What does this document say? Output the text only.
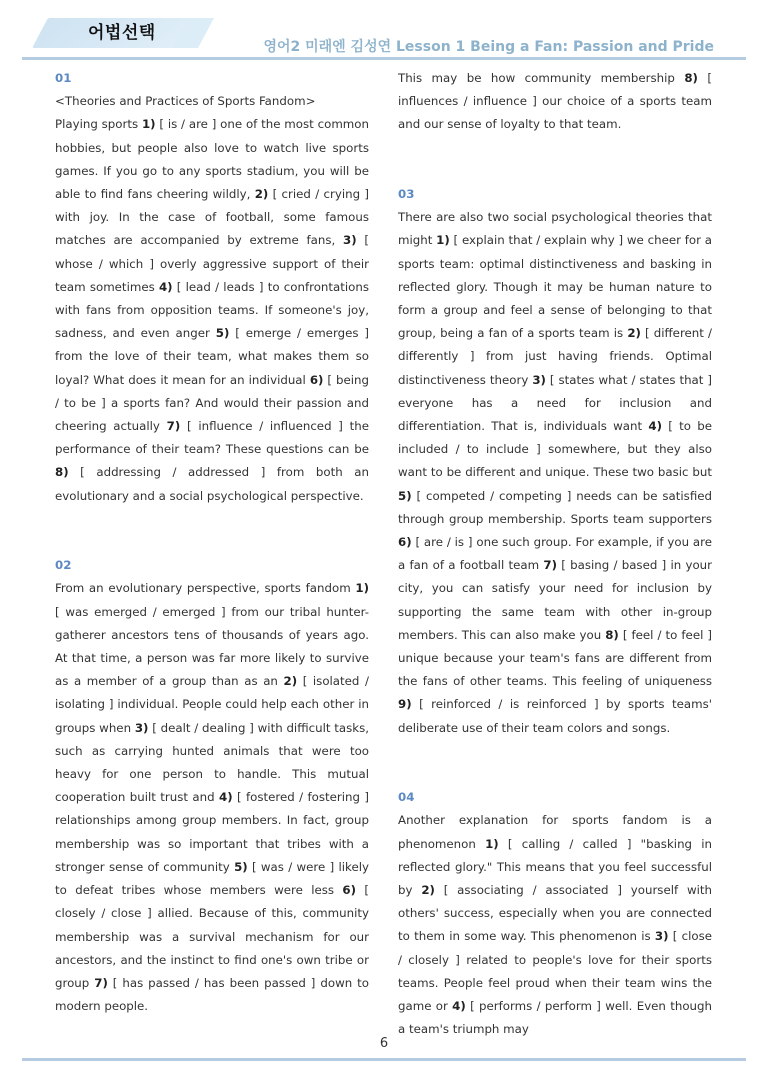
어법선택
영어2 미래엔 김성연 Lesson 1 Being a Fan: Passion and Pride
01
<Theories and Practices of Sports Fandom>
Playing sports 1) [ is / are ] one of the most common hobbies, but people also love to watch live sports games. If you go to any sports stadium, you will be able to find fans cheering wildly, 2) [ cried / crying ] with joy. In the case of football, some famous matches are accompanied by extreme fans, 3) [ whose / which ] overly aggressive support of their team sometimes 4) [ lead / leads ] to confrontations with fans from opposition teams. If someone's joy, sadness, and even anger 5) [ emerge / emerges ] from the love of their team, what makes them so loyal? What does it mean for an individual 6) [ being / to be ] a sports fan? And would their passion and cheering actually 7) [ influence / influenced ] the performance of their team? These questions can be 8) [ addressing / addressed ] from both an evolutionary and a social psychological perspective.
02
From an evolutionary perspective, sports fandom 1) [ was emerged / emerged ] from our tribal hunter-gatherer ancestors tens of thousands of years ago. At that time, a person was far more likely to survive as a member of a group than as an 2) [ isolated / isolating ] individual. People could help each other in groups when 3) [ dealt / dealing ] with difficult tasks, such as carrying hunted animals that were too heavy for one person to handle. This mutual cooperation built trust and 4) [ fostered / fostering ] relationships among group members. In fact, group membership was so important that tribes with a stronger sense of community 5) [ was / were ] likely to defeat tribes whose members were less 6) [ closely / close ] allied. Because of this, community membership was a survival mechanism for our ancestors, and the instinct to find one's own tribe or group 7) [ has passed / has been passed ] down to modern people.
This may be how community membership 8) [ influences / influence ] our choice of a sports team and our sense of loyalty to that team.
03
There are also two social psychological theories that might 1) [ explain that / explain why ] we cheer for a sports team: optimal distinctiveness and basking in reflected glory. Though it may be human nature to form a group and feel a sense of belonging to that group, being a fan of a sports team is 2) [ different / differently ] from just having friends. Optimal distinctiveness theory 3) [ states what / states that ] everyone has a need for inclusion and differentiation. That is, individuals want 4) [ to be included / to include ] somewhere, but they also want to be different and unique. These two basic but 5) [ competed / competing ] needs can be satisfied through group membership. Sports team supporters 6) [ are / is ] one such group. For example, if you are a fan of a football team 7) [ basing / based ] in your city, you can satisfy your need for inclusion by supporting the same team with other in-group members. This can also make you 8) [ feel / to feel ] unique because your team's fans are different from the fans of other teams. This feeling of uniqueness 9) [ reinforced / is reinforced ] by sports teams' deliberate use of their team colors and songs.
04
Another explanation for sports fandom is a phenomenon 1) [ calling / called ] "basking in reflected glory." This means that you feel successful by 2) [ associating / associated ] yourself with others' success, especially when you are connected to them in some way. This phenomenon is 3) [ close / closely ] related to people's love for their sports teams. People feel proud when their team wins the game or 4) [ performs / perform ] well. Even though a team's triumph may
6
